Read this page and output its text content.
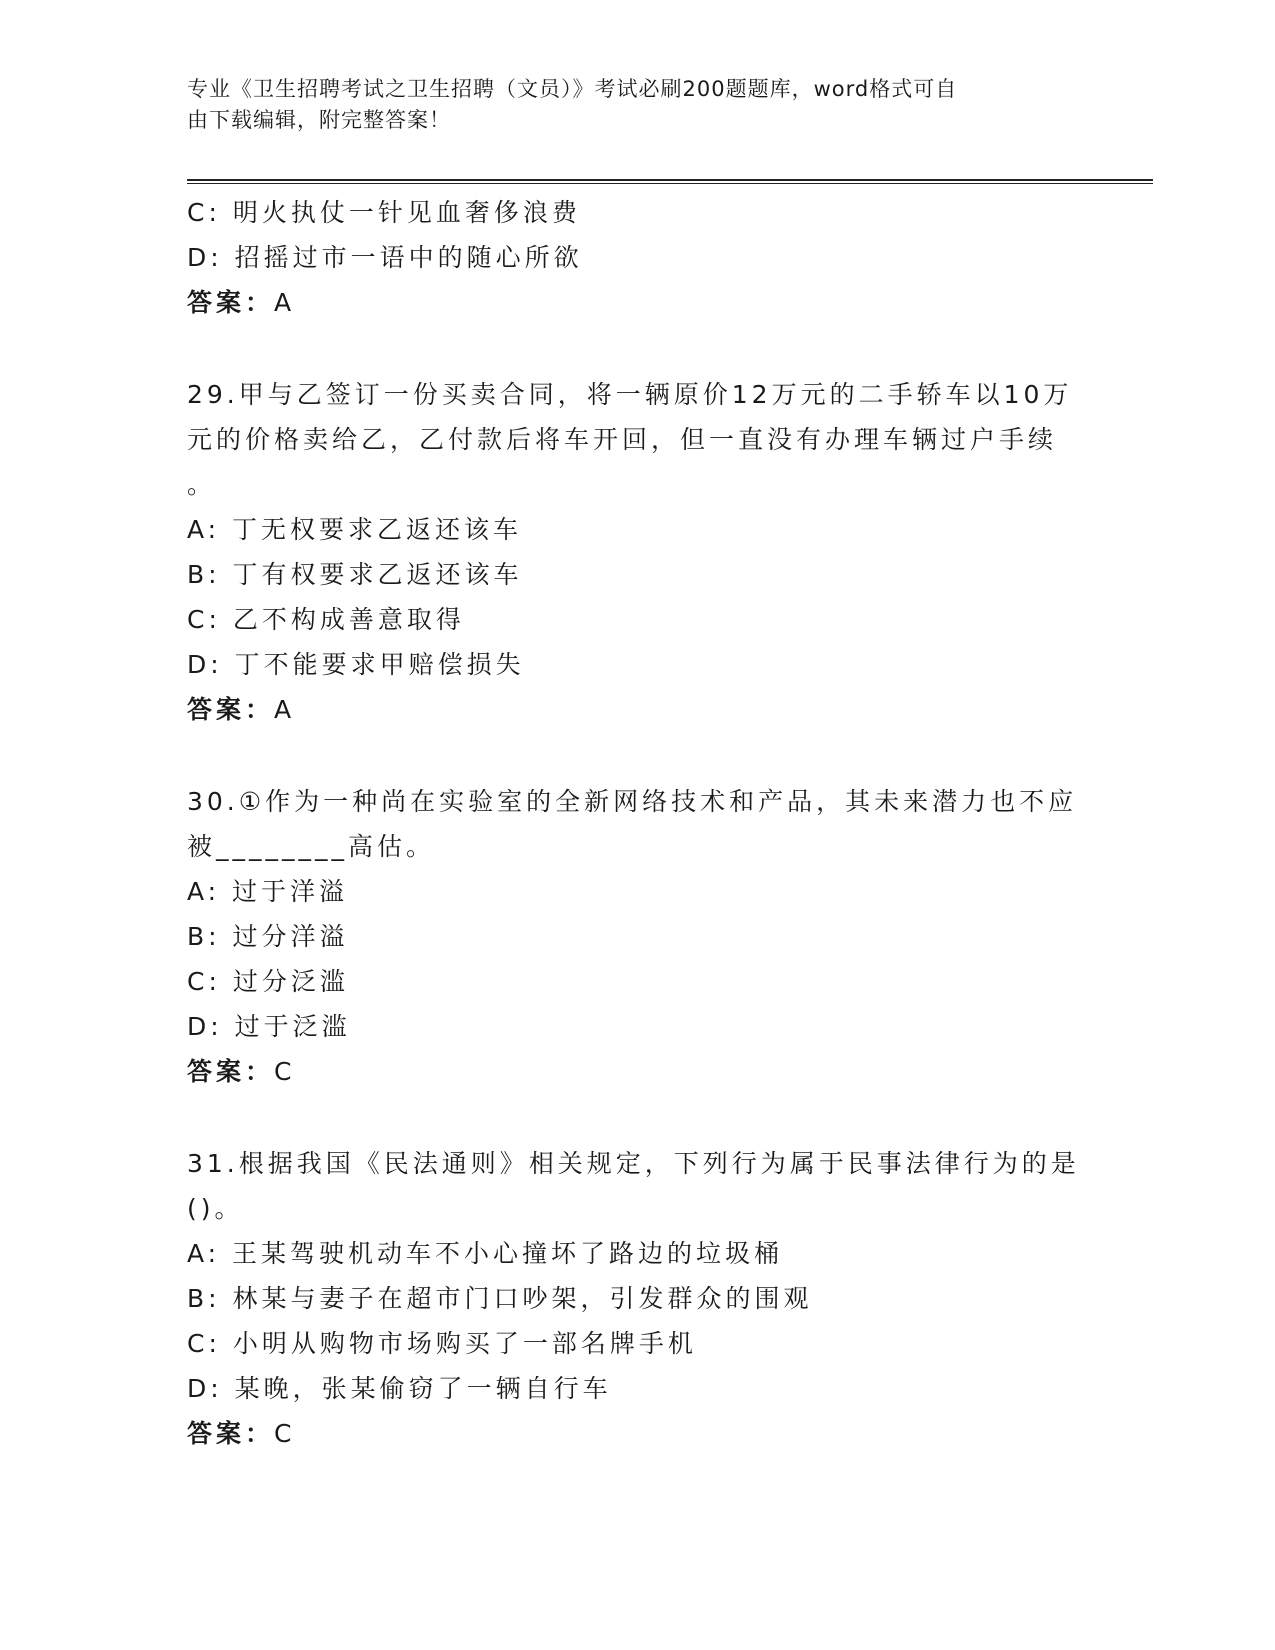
专业《卫生招聘考试之卫生招聘（文员）》考试必刷200题题库，word格式可自
由下载编辑，附完整答案！
C: 明火执仗一针见血奢侈浪费
D: 招摇过市一语中的随心所欲
答案：A
29.甲与乙签订一份买卖合同，将一辆原价12万元的二手轿车以10万
元的价格卖给乙，乙付款后将车开回，但一直没有办理车辆过户手续
。
A: 丁无权要求乙返还该车
B: 丁有权要求乙返还该车
C: 乙不构成善意取得
D: 丁不能要求甲赔偿损失
答案：A
30.①作为一种尚在实验室的全新网络技术和产品，其未来潜力也不应
被________高估。
A: 过于洋溢
B: 过分洋溢
C: 过分泛滥
D: 过于泛滥
答案：C
31.根据我国《民法通则》相关规定，下列行为属于民事法律行为的是
()。
A: 王某驾驶机动车不小心撞坏了路边的垃圾桶
B: 林某与妻子在超市门口吵架，引发群众的围观
C: 小明从购物市场购买了一部名牌手机
D: 某晚，张某偷窃了一辆自行车
答案：C
